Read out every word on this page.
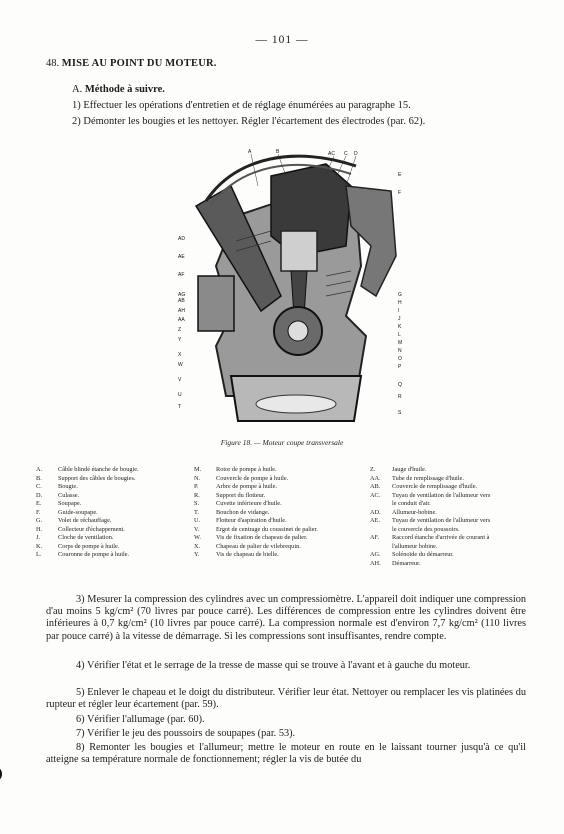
— 101 —
48. MISE AU POINT DU MOTEUR.
A. Méthode à suivre.
1) Effectuer les opérations d'entretien et de réglage énumérées au paragraphe 15.
2) Démonter les bougies et les nettoyer. Régler l'écartement des électrodes (par. 62).
A	B	AC C D
AD
AE
AF
AG
AB
AH
AA
Z
Y
X
W
V
U
T
E
F
G
H
I
J
K
L
M
N
O
P
Q
R
S
Figure 18. — Moteur coupe transversale
A.	Câble blindé étanche de bougie.
B.	Support des câbles de bougies.
C.	Bougie.
D.	Culasse.
E.	Soupape.
F.	Guide-soupape.
G.	Volet de réchauffage.
H.	Collecteur d'échappement.
J.	Cloche de ventilation.
K.	Corps de pompe à huile.
L.	Couronne de pompe à huile.
M.	Rotor de pompe à huile.
N.	Couvercle de pompe à huile.
P.	Arbre de pompe à huile.
R.	Support du flotteur.
S.	Cuvette inférieure d'huile.
T.	Bouchon de vidange.
U.	Flotteur d'aspiration d'huile.
V.	Ergot de centrage du coussinet de palier.
W.	Vis de fixation de chapeau de palier.
X.	Chapeau de palier de vilebrequin.
Y.	Vis de chapeau de bielle.
Z.	Jauge d'huile.
AA.	Tube de remplissage d'huile.
AB.	Couvercle de remplissage d'huile.
AC.	Tuyau de ventilation de l'allumeur vers
le conduit d'air.
AD.	Allumeur-bobine.
AE.	Tuyau de ventilation de l'allumeur vers
le couvercle des poussoirs.
AF.	Raccord étanche d'arrivée de courant à
l'allumeur bobine.
AG.	Solénoïde du démarreur.
AH.	Démarreur.
3) Mesurer la compression des cylindres avec un compressiomètre. L'appareil doit indiquer une compression d'au moins 5 kg/cm² (70 livres par pouce carré). Les différences de compression entre les cylindres doivent être inférieures à 0,7 kg/cm² (10 livres par pouce carré). La compression normale est d'environ 7,7 kg/cm² (110 livres par pouce carré) à la vitesse de démarrage. Si les compressions sont insuffisantes, rendre compte.
4) Vérifier l'état et le serrage de la tresse de masse qui se trouve à l'avant et à gauche du moteur.
5) Enlever le chapeau et le doigt du distributeur. Vérifier leur état. Nettoyer ou remplacer les vis platinées du rupteur et régler leur écartement (par. 59).
6) Vérifier l'allumage (par. 60).
7) Vérifier le jeu des poussoirs de soupapes (par. 53).
8) Remonter les bougies et l'allumeur; mettre le moteur en route en le laissant tourner jusqu'à ce qu'il atteigne sa température normale de fonctionnement; régler la vis de butée du
